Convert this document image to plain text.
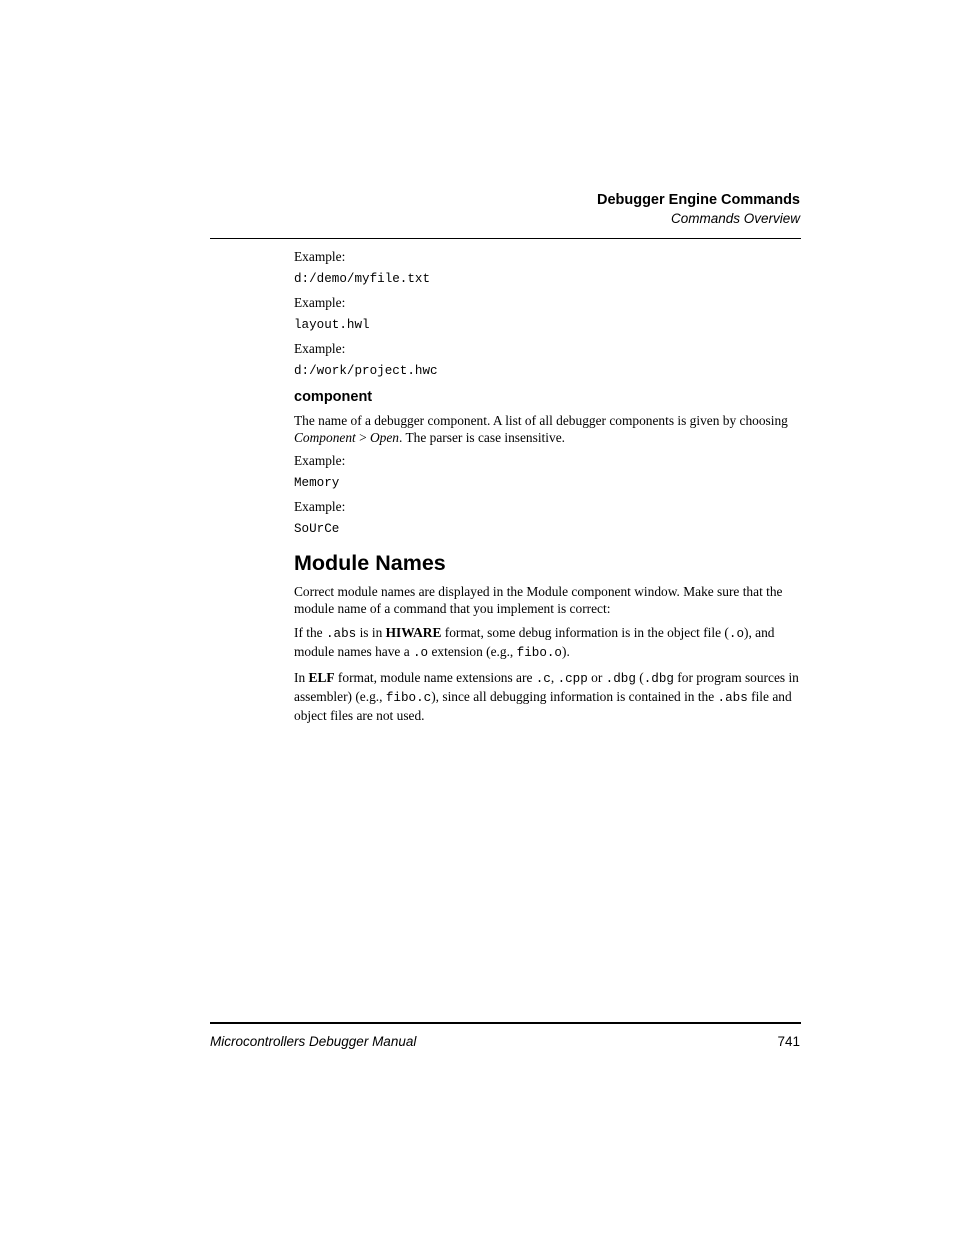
Debugger Engine Commands
Commands Overview

Example:

d:/demo/myfile.txt

Example:

layout.hwl

Example:

d:/work/project.hwc

component

The name of a debugger component. A list of all debugger components is given by choosing Component > Open. The parser is case insensitive.

Example:

Memory

Example:

SoUrCe

Module Names

Correct module names are displayed in the Module component window. Make sure that the module name of a command that you implement is correct:

If the .abs is in HIWARE format, some debug information is in the object file (.o), and module names have a .o extension (e.g., fibo.o).

In ELF format, module name extensions are .c, .cpp or .dbg (.dbg for program sources in assembler) (e.g., fibo.c), since all debugging information is contained in the .abs file and object files are not used.

Microcontrollers Debugger Manual	741
